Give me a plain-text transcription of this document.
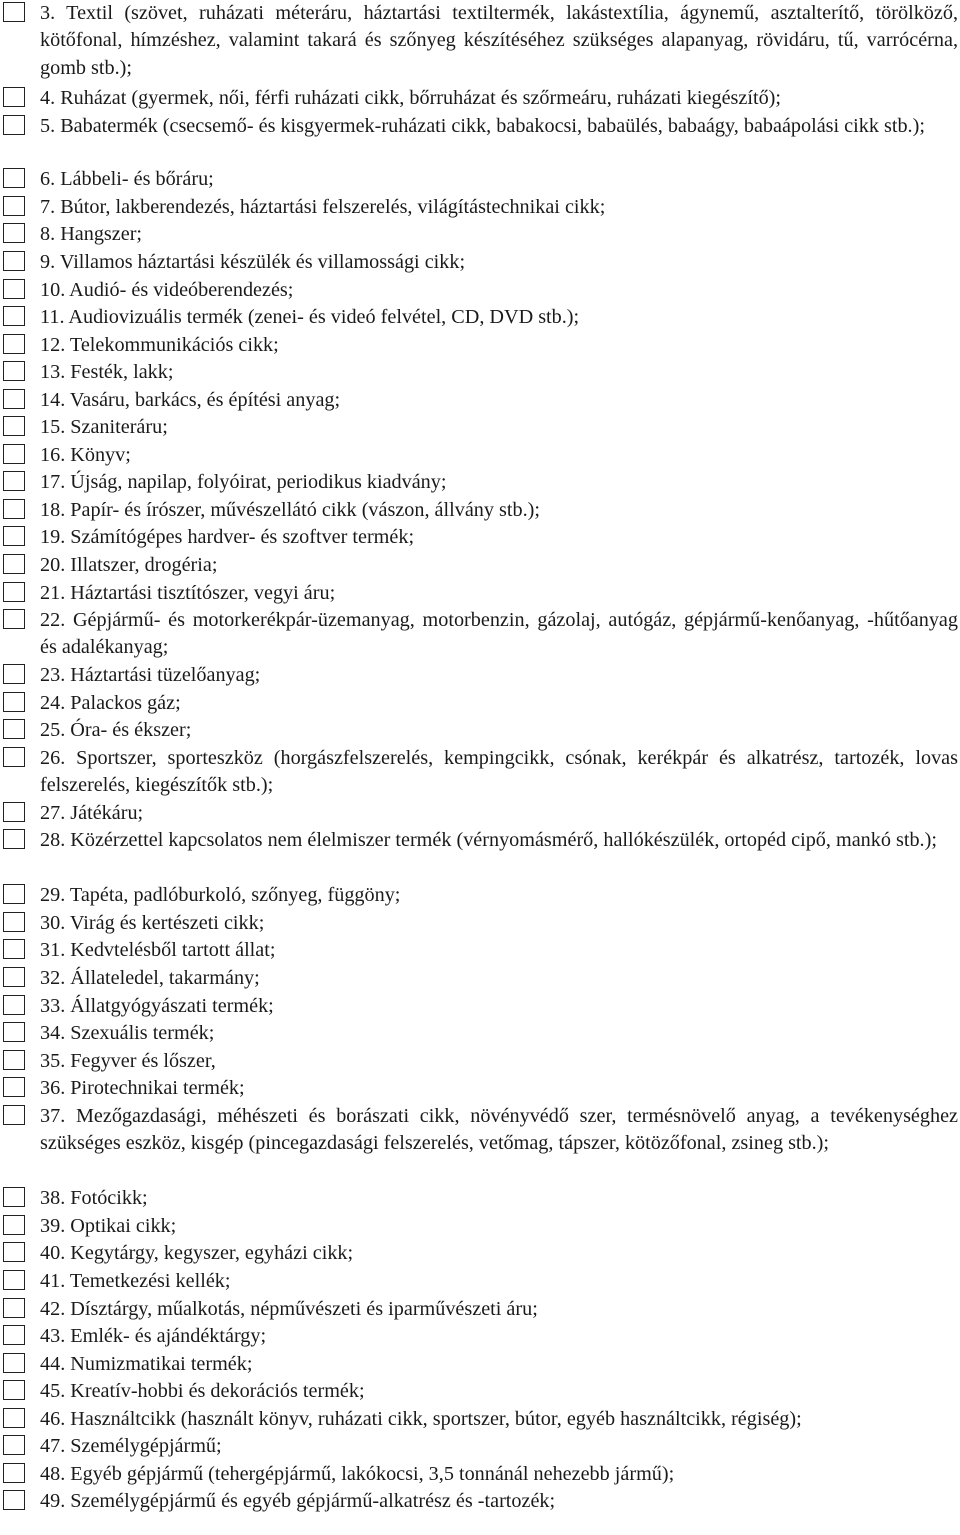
3. Textil (szövet, ruházati méteráru, háztartási textiltermék, lakástextília, ágynemű, asztalterítő, törölköző, kötőfonal, hímzéshez, valamint takará és szőnyeg készítéséhez szükséges alapanyag, rövidáru, tű, varrócérna, gomb stb.);
4. Ruházat (gyermek, női, férfi ruházati cikk, bőrruházat és szőrmeáru, ruházati kiegészítő);
5. Babatermék (csecsemő- és kisgyermek-ruházati cikk, babakocsi, babaülés, babaágy, babaápolási cikk stb.);
6. Lábbeli- és bőráru;
7. Bútor, lakberendezés, háztartási felszerelés, világítástechnikai cikk;
8. Hangszer;
9. Villamos háztartási készülék és villamossági cikk;
10. Audió- és videóberendezés;
11. Audiovizuális termék (zenei- és videó felvétel, CD, DVD stb.);
12. Telekommunikációs cikk;
13. Festék, lakk;
14. Vasáru, barkács, és építési anyag;
15. Szaniteráru;
16. Könyv;
17. Újság, napilap, folyóirat, periodikus kiadvány;
18. Papír- és írószer, művészellátó cikk (vászon, állvány stb.);
19. Számítógépes hardver- és szoftver termék;
20. Illatszer, drogéria;
21. Háztartási tisztítószer, vegyi áru;
22. Gépjármű- és motorkerékpár-üzemanyag, motorbenzin, gázolaj, autógáz, gépjármű-kenőanyag, -hűtőanyag és adalékanyag;
23. Háztartási tüzelőanyag;
24. Palackos gáz;
25. Óra- és ékszer;
26. Sportszer, sporteszköz (horgászfelszerelés, kempingcikk, csónak, kerékpár és alkatrész, tartozék, lovas felszerelés, kiegészítők stb.);
27. Játékáru;
28. Közérzettel kapcsolatos nem élelmiszer termék (vérnyomásmérő, hallókészülék, ortopéd cipő, mankó stb.);
29. Tapéta, padlóburkoló, szőnyeg, függöny;
30. Virág és kertészeti cikk;
31. Kedvtelésből tartott állat;
32. Állateledel, takarmány;
33. Állatgyógyászati termék;
34. Szexuális termék;
35. Fegyver és lőszer,
36. Pirotechnikai termék;
37. Mezőgazdasági, méhészeti és borászati cikk, növényvédő szer, termésnövelő anyag, a tevékenységhez szükséges eszköz, kisgép (pincegazdasági felszerelés, vetőmag, tápszer, kötözőfonal, zsineg stb.);
38. Fotócikk;
39. Optikai cikk;
40. Kegytárgy, kegyszer, egyházi cikk;
41. Temetkezési kellék;
42. Dísztárgy, műalkotás, népművészeti és iparművészeti áru;
43. Emlék- és ajándéktárgy;
44. Numizmatikai termék;
45. Kreatív-hobbi és dekorációs termék;
46. Használtcikk (használt könyv, ruházati cikk, sportszer, bútor, egyéb használtcikk, régiség);
47. Személygépjármű;
48. Egyéb gépjármű (tehergépjármű, lakókocsi, 3,5 tonnánál nehezebb jármű);
49. Személygépjármű és egyéb gépjármű-alkatrész és -tartozék;
